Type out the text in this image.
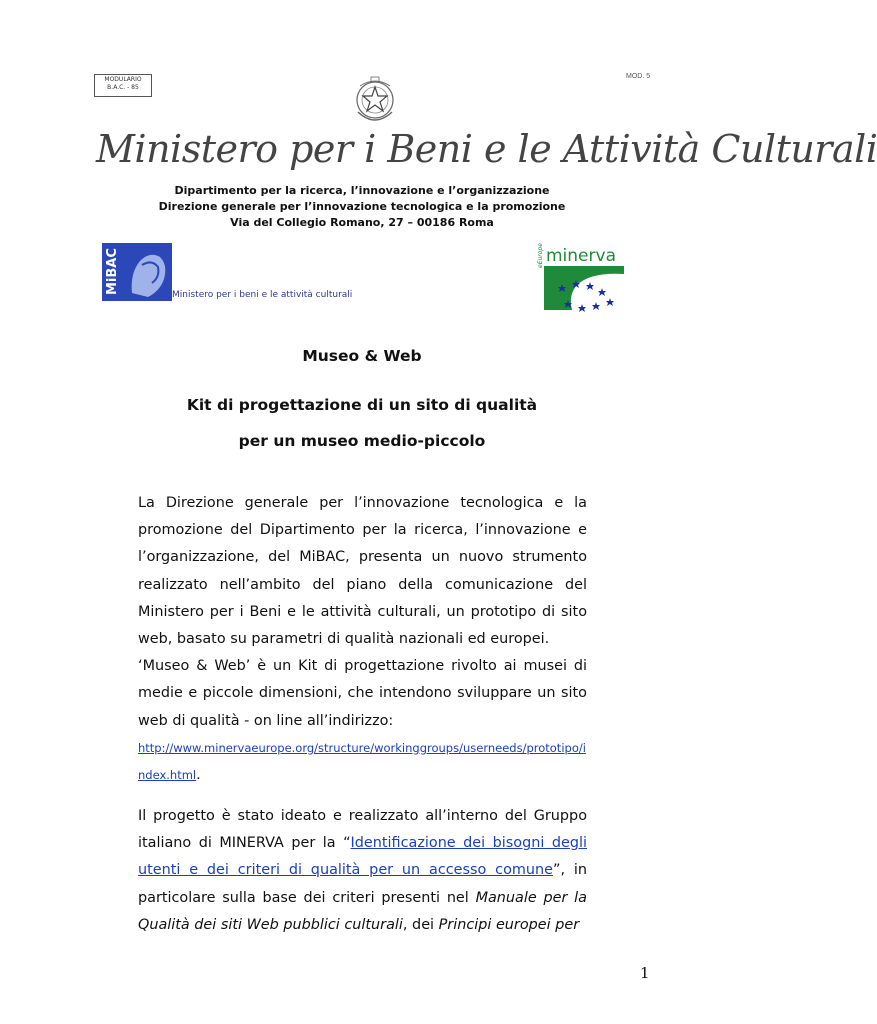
MODULARIO
B.A.C. - 85
MOD. 5
Ministero per i Beni e le Attività Culturali
Dipartimento per la ricerca, l’innovazione e l’organizzazione
Direzione generale per l’innovazione tecnologica e la promozione
Via del Collegio Romano, 27 – 00186 Roma
MiBAC	Ministero per i beni e le attività culturali
minerva
eEurope
Museo & Web
Kit di progettazione di un sito di qualità
per un museo medio-piccolo
La Direzione generale per l’innovazione tecnologica e la promozione del Dipartimento per la ricerca, l’innovazione e l’organizzazione, del MiBAC, presenta un nuovo strumento realizzato nell’ambito del piano della comunicazione del Ministero per i Beni e le attività culturali, un prototipo di sito web, basato su parametri di qualità nazionali ed europei.
‘Museo & Web’ è un Kit di progettazione rivolto ai musei di medie e piccole dimensioni, che intendono sviluppare un sito web di qualità - on line all’indirizzo:
http://www.minervaeurope.org/structure/workinggroups/userneeds/prototipo/index.html.
Il progetto è stato ideato e realizzato all’interno del Gruppo italiano di MINERVA per la “Identificazione dei bisogni degli utenti e dei criteri di qualità per un accesso comune”, in particolare sulla base dei criteri presenti nel Manuale per la Qualità dei siti Web pubblici culturali, dei Principi europei per
1
